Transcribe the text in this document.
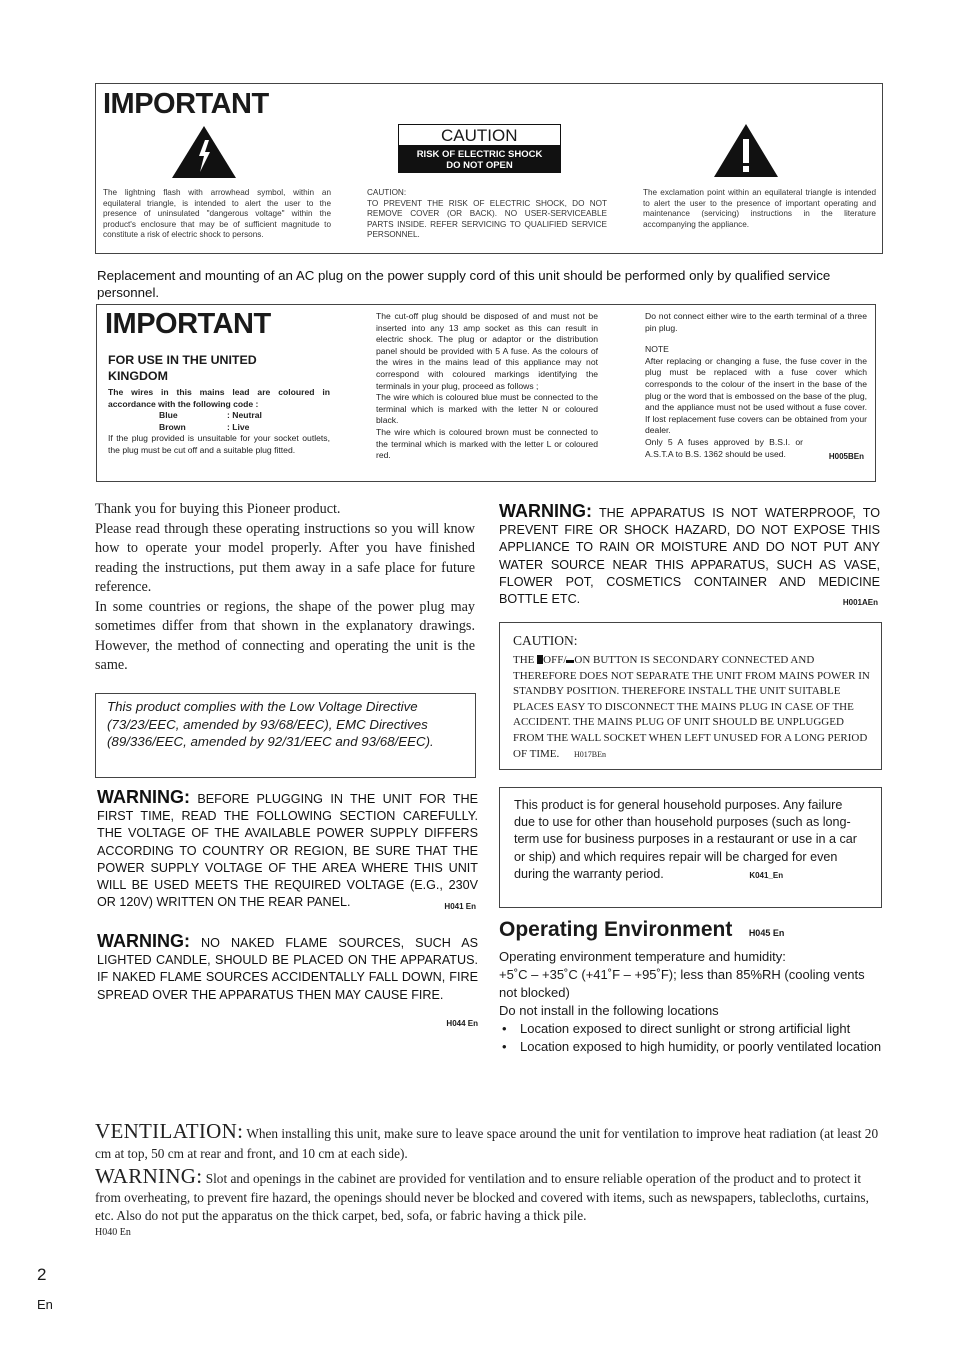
IMPORTANT
CAUTION
RISK OF ELECTRIC SHOCK
DO NOT OPEN
The lightning flash with arrowhead symbol, within an equilateral triangle, is intended to alert the user to the presence of uninsulated "dangerous voltage" within the product's enclosure that may be of sufficient magnitude to constitute a risk of electric shock to persons.
CAUTION:
TO PREVENT THE RISK OF ELECTRIC SHOCK, DO NOT REMOVE COVER (OR BACK). NO USER-SERVICEABLE PARTS INSIDE. REFER SERVICING TO QUALIFIED SERVICE PERSONNEL.
The exclamation point within an equilateral triangle is intended to alert the user to the presence of important operating and maintenance (servicing) instructions in the literature accompanying the appliance.
Replacement and mounting of an AC plug on the power supply cord of this unit should be performed only by qualified service personnel.
IMPORTANT
FOR USE IN THE UNITED KINGDOM
The wires in this mains lead are coloured in accordance with the following code :
Blue	: Neutral
Brown	: Live
If the plug provided is unsuitable for your socket outlets, the plug must be cut off and a suitable plug fitted.
The cut-off plug should be disposed of and must not be inserted into any 13 amp socket as this can result in electric shock. The plug or adaptor or the distribution panel should be provided with 5 A fuse. As the colours of the wires in the mains lead of this appliance may not correspond with coloured markings identifying the terminals in your plug, proceed as follows ;
The wire which is coloured blue must be connected to the terminal which is marked with the letter N or coloured black.
The wire which is coloured brown must be connected to the terminal which is marked with the letter L or coloured red.
Do not connect either wire to the earth terminal of a three pin plug.
NOTE
After replacing or changing a fuse, the fuse cover in the plug must be replaced with a fuse cover which corresponds to the colour of the insert in the base of the plug or the word that is embossed on the base of the plug, and the appliance must not be used without a fuse cover. If lost replacement fuse covers can be obtained from your dealer.
Only 5 A fuses approved by B.S.I. or A.S.T.A to B.S. 1362 should be used.	H005BEn
Thank you for buying this Pioneer product.
Please read through these operating instructions so you will know how to operate your model properly. After you have finished reading the instructions, put them away in a safe place for future reference.
In some countries or regions, the shape of the power plug may sometimes differ from that shown in the explanatory drawings. However, the method of connecting and operating the unit is the same.
This product complies with the Low Voltage Directive (73/23/EEC, amended by 93/68/EEC), EMC Directives (89/336/EEC, amended by 92/31/EEC and 93/68/EEC).
WARNING: BEFORE PLUGGING IN THE UNIT FOR THE FIRST TIME, READ THE FOLLOWING SECTION CAREFULLY. THE VOLTAGE OF THE AVAILABLE POWER SUPPLY DIFFERS ACCORDING TO COUNTRY OR REGION, BE SURE THAT THE POWER SUPPLY VOLTAGE OF THE AREA WHERE THIS UNIT WILL BE USED MEETS THE REQUIRED VOLTAGE (E.G., 230V OR 120V) WRITTEN ON THE REAR PANEL.	H041 En
WARNING: NO NAKED FLAME SOURCES, SUCH AS LIGHTED CANDLE, SHOULD BE PLACED ON THE APPARATUS. IF NAKED FLAME SOURCES ACCIDENTALLY FALL DOWN, FIRE SPREAD OVER THE APPARATUS THEN MAY CAUSE FIRE.
H044 En
WARNING: THE APPARATUS IS NOT WATERPROOF, TO PREVENT FIRE OR SHOCK HAZARD, DO NOT EXPOSE THIS APPLIANCE TO RAIN OR MOISTURE AND DO NOT PUT ANY WATER SOURCE NEAR THIS APPARATUS, SUCH AS VASE, FLOWER POT, COSMETICS CONTAINER AND MEDICINE BOTTLE ETC.	H001AEn
CAUTION:
THE OFF/ ON BUTTON IS SECONDARY CONNECTED AND THEREFORE DOES NOT SEPARATE THE UNIT FROM MAINS POWER IN STANDBY POSITION. THEREFORE INSTALL THE UNIT SUITABLE PLACES EASY TO DISCONNECT THE MAINS PLUG IN CASE OF THE ACCIDENT. THE MAINS PLUG OF UNIT SHOULD BE UNPLUGGED FROM THE WALL SOCKET WHEN LEFT UNUSED FOR A LONG PERIOD OF TIME. H017BEn
This product is for general household purposes. Any failure due to use for other than household purposes (such as long-term use for business purposes in a restaurant or use in a car or ship) and which requires repair will be charged for even during the warranty period.	K041_En
Operating Environment H045 En
Operating environment temperature and humidity:
+5˚C – +35˚C (+41˚F – +95˚F); less than 85%RH (cooling vents not blocked)
Do not install in the following locations
• Location exposed to direct sunlight or strong artificial light
• Location exposed to high humidity, or poorly ventilated location
VENTILATION: When installing this unit, make sure to leave space around the unit for ventilation to improve heat radiation (at least 20 cm at top, 50 cm at rear and front, and 10 cm at each side).
WARNING: Slot and openings in the cabinet are provided for ventilation and to ensure reliable operation of the product and to protect it from overheating, to prevent fire hazard, the openings should never be blocked and covered with items, such as newspapers, tablecloths, curtains, etc. Also do not put the apparatus on the thick carpet, bed, sofa, or fabric having a thick pile.
H040 En
2
En
